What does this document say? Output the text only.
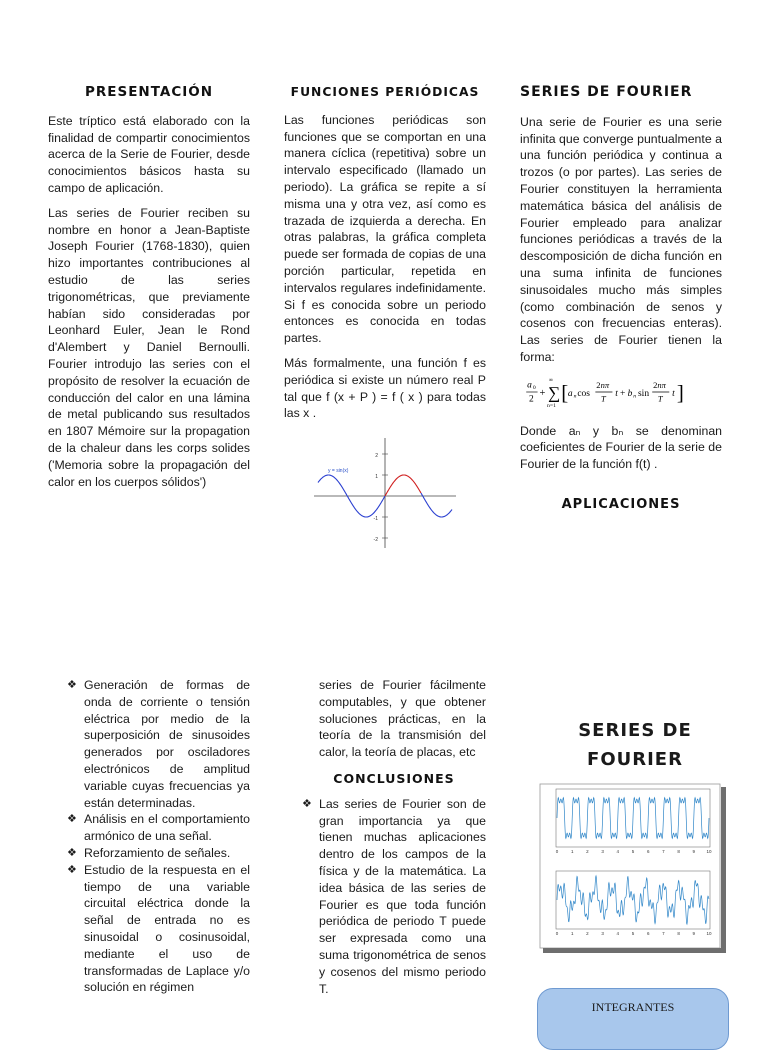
PRESENTACIÓN

Este tríptico está elaborado con la finalidad de compartir conocimientos acerca de la Serie de Fourier, desde conocimientos básicos hasta su campo de aplicación.

Las series de Fourier reciben su nombre en honor a Jean-Baptiste Joseph Fourier (1768-1830), quien hizo importantes contribuciones al estudio de las series trigonométricas, que previamente habían sido consideradas por Leonhard Euler, Jean le Rond d'Alembert y Daniel Bernoulli. Fourier introdujo las series con el propósito de resolver la ecuación de conducción del calor en una lámina de metal publicando sus resultados en 1807 Mémoire sur la propagation de la chaleur dans les corps solides ('Memoria sobre la propagación del calor en los cuerpos sólidos')

FUNCIONES PERIÓDICAS

Las funciones periódicas son funciones que se comportan en una manera cíclica (repetitiva) sobre un intervalo especificado (llamado un periodo). La gráfica se repite a sí misma una y otra vez, así como es trazada de izquierda a derecha. En otras palabras, la gráfica completa puede ser formada de copias de una porción particular, repetida en intervalos regulares indefinidamente. Si f es conocida sobre un periodo entonces es conocida en todas partes.

Más formalmente, una función f es periódica si existe un número real P tal que f (x + P ) = f ( x ) para todas las x .

2
1
-1
-2
y = sin(x)
SERIES DE FOURIER

Una serie de Fourier es una serie infinita que converge puntualmente a una función periódica y continua a trozos (o por partes). Las series de Fourier constituyen la herramienta matemática básica del análisis de Fourier empleado para analizar funciones periódicas a través de la descomposición de dicha función en una suma infinita de funciones sinusoidales mucho más simples (como combinación de senos y cosenos con frecuencias enteras). Las series de Fourier tienen la forma:

a 0
2
+ ∑
∞
n=1
[ a n cos
2nπ
T t + b n sin
2nπ
T t ]

Donde aₙ y bₙ se denominan coeficientes de Fourier de la serie de Fourier de la función f(t) .

APLICACIONES
❖ Generación de formas de onda de corriente o tensión eléctrica por medio de la superposición de sinusoides generados por osciladores electrónicos de amplitud variable cuyas frecuencias ya están determinadas.
❖ Análisis en el comportamiento armónico de una señal.
❖ Reforzamiento de señales.
❖ Estudio de la respuesta en el tiempo de una variable circuital eléctrica donde la señal de entrada no es sinusoidal o cosinusoidal, mediante el uso de transformadas de Laplace y/o solución en régimen

series de Fourier fácilmente computables, y que obtener soluciones prácticas, en la teoría de la transmisión del calor, la teoría de placas, etc

CONCLUSIONES
❖ Las series de Fourier son de gran importancia ya que tienen muchas aplicaciones dentro de los campos de la física y de la matemática. La idea básica de las series de Fourier es que toda función periódica de periodo T puede ser expresada como una suma trigonométrica de senos y cosenos del mismo periodo T.
SERIES DE
FOURIER
0	1	2	3	4	5	6	7	8	9	10
0	1	2	3	4	5	6	7	8	9	10
INTEGRANTES
